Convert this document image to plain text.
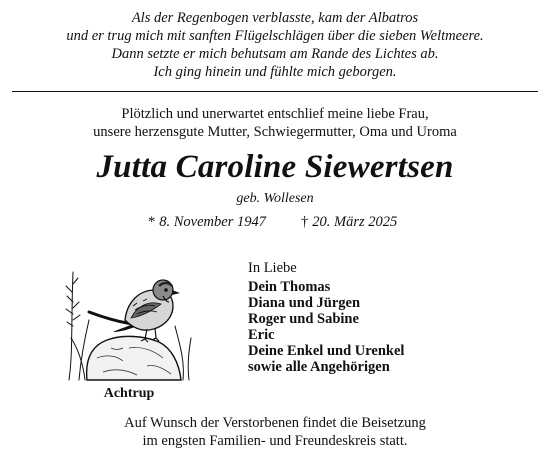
Als der Regenbogen verblasste, kam der Albatros
und er trug mich mit sanften Flügelschlägen über die sieben Weltmeere.
Dann setzte er mich behutsam am Rande des Lichtes ab.
Ich ging hinein und fühlte mich geborgen.
Plötzlich und unerwartet entschlief meine liebe Frau,
unsere herzensgute Mutter, Schwiegermutter, Oma und Uroma
Jutta Caroline Siewertsen
geb. Wollesen
* 8. November 1947 † 20. März 2025
Achtrup
In Liebe
Dein Thomas
Diana und Jürgen
Roger und Sabine
Eric
Deine Enkel und Urenkel
sowie alle Angehörigen
Auf Wunsch der Verstorbenen findet die Beisetzung
im engsten Familien- und Freundeskreis statt.
